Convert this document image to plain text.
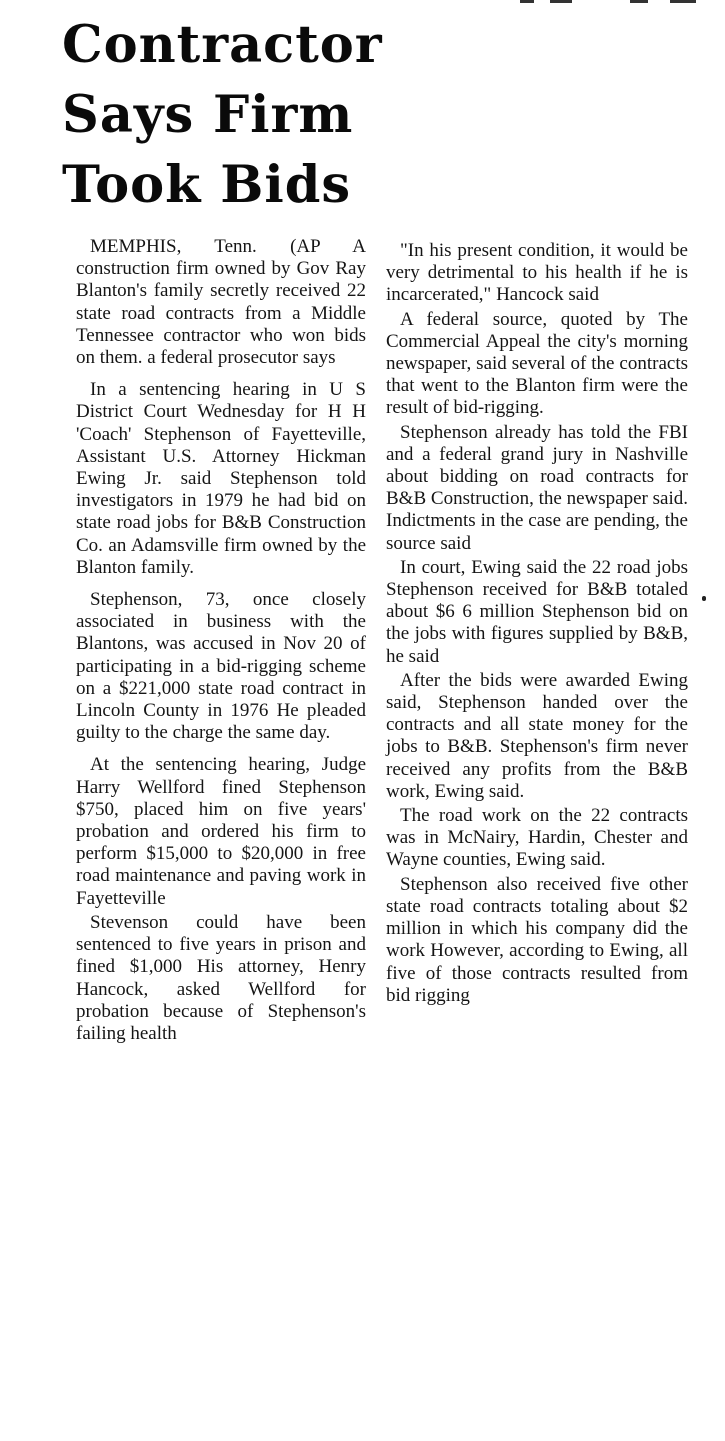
Contractor
Says Firm
Took Bids

MEMPHIS, Tenn. (AP A construction firm owned by Gov Ray Blanton's family secretly received 22 state road contracts from a Middle Tennessee contractor who won bids on them. a federal prosecutor says

In a sentencing hearing in U S District Court Wednesday for H H 'Coach' Stephenson of Fayetteville, Assistant U.S. Attorney Hickman Ewing Jr. said Stephenson told investigators in 1979 he had bid on state road jobs for B&B Construction Co. an Adamsville firm owned by the Blanton family.

Stephenson, 73, once closely associated in business with the Blantons, was accused in Nov 20 of participating in a bid-rigging scheme on a $221,000 state road contract in Lincoln County in 1976 He pleaded guilty to the charge the same day.

At the sentencing hearing, Judge Harry Wellford fined Stephenson $750, placed him on five years' probation and ordered his firm to perform $15,000 to $20,000 in free road maintenance and paving work in Fayetteville

Stevenson could have been sentenced to five years in prison and fined $1,000 His attorney, Henry Hancock, asked Wellford for probation because of Stephenson's failing health

"In his present condition, it would be very detrimental to his health if he is incarcerated," Hancock said

A federal source, quoted by The Commercial Appeal the city's morning newspaper, said several of the contracts that went to the Blanton firm were the result of bid-rigging.

Stephenson already has told the FBI and a federal grand jury in Nashville about bidding on road contracts for B&B Construction, the newspaper said. Indictments in the case are pending, the source said

In court, Ewing said the 22 road jobs Stephenson received for B&B totaled about $6 6 million Stephenson bid on the jobs with figures supplied by B&B, he said

After the bids were awarded Ewing said, Stephenson handed over the contracts and all state money for the jobs to B&B. Stephenson's firm never received any profits from the B&B work, Ewing said.

The road work on the 22 contracts was in McNairy, Hardin, Chester and Wayne counties, Ewing said.

Stephenson also received five other state road contracts totaling about $2 million in which his company did the work However, according to Ewing, all five of those contracts resulted from bid rigging
